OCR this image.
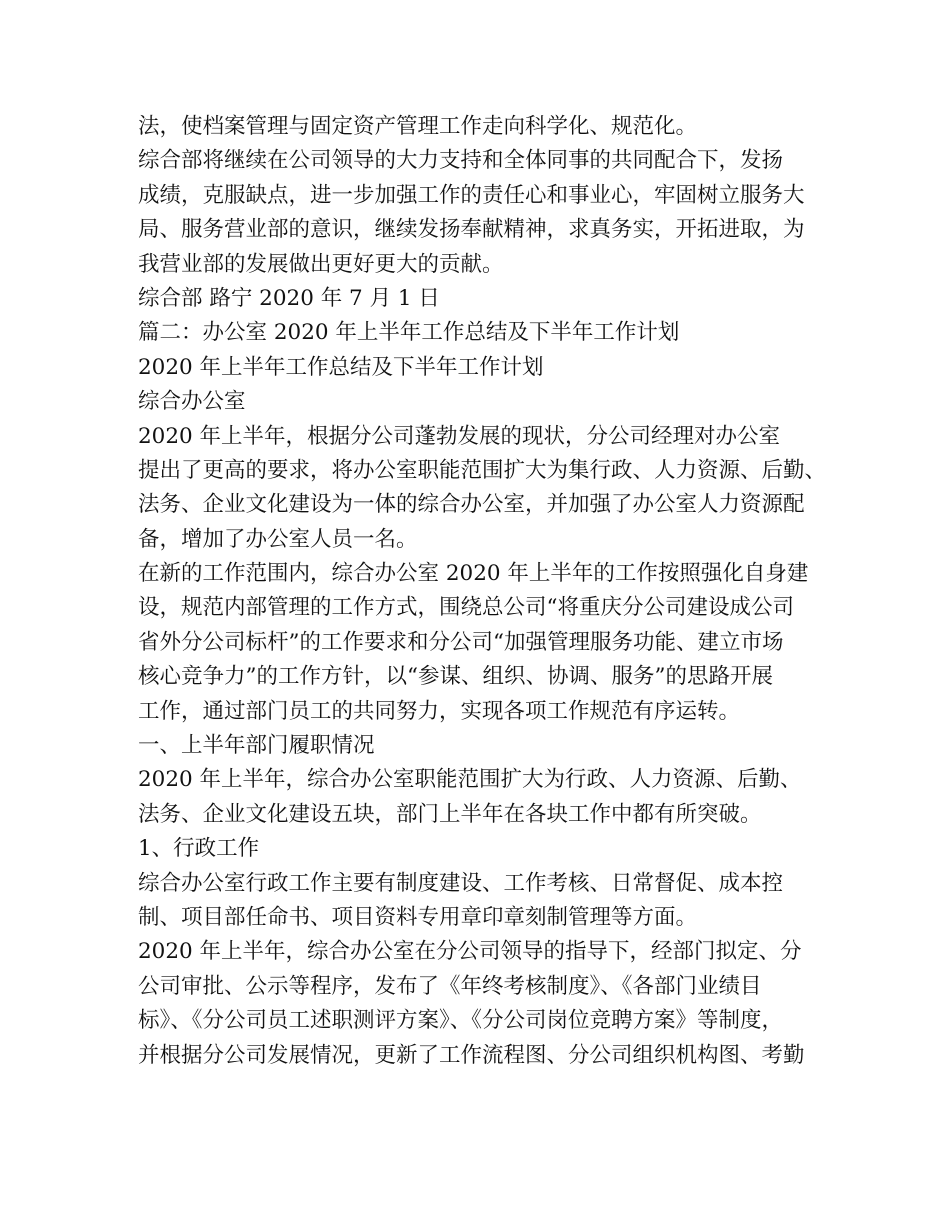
法，使档案管理与固定资产管理工作走向科学化、规范化。
综合部将继续在公司领导的大力支持和全体同事的共同配合下，发扬
成绩，克服缺点，进一步加强工作的责任心和事业心，牢固树立服务大
局、服务营业部的意识，继续发扬奉献精神，求真务实，开拓进取，为
我营业部的发展做出更好更大的贡献。
综合部 路宁 2020 年 7 月 1 日
篇二：办公室 2020 年上半年工作总结及下半年工作计划
2020 年上半年工作总结及下半年工作计划
综合办公室
2020 年上半年，根据分公司蓬勃发展的现状，分公司经理对办公室
提出了更高的要求，将办公室职能范围扩大为集行政、人力资源、后勤、
法务、企业文化建设为一体的综合办公室，并加强了办公室人力资源配
备，增加了办公室人员一名。
在新的工作范围内，综合办公室 2020 年上半年的工作按照强化自身建
设，规范内部管理的工作方式，围绕总公司“将重庆分公司建设成公司
省外分公司标杆”的工作要求和分公司“加强管理服务功能、建立市场
核心竞争力”的工作方针，以“参谋、组织、协调、服务”的思路开展
工作，通过部门员工的共同努力，实现各项工作规范有序运转。
一、上半年部门履职情况
2020 年上半年，综合办公室职能范围扩大为行政、人力资源、后勤、
法务、企业文化建设五块，部门上半年在各块工作中都有所突破。
1、行政工作
综合办公室行政工作主要有制度建设、工作考核、日常督促、成本控
制、项目部任命书、项目资料专用章印章刻制管理等方面。
2020 年上半年，综合办公室在分公司领导的指导下，经部门拟定、分
公司审批、公示等程序，发布了《年终考核制度》、《各部门业绩目
标》、《分公司员工述职测评方案》、《分公司岗位竞聘方案》等制度，
并根据分公司发展情况，更新了工作流程图、分公司组织机构图、考勤
